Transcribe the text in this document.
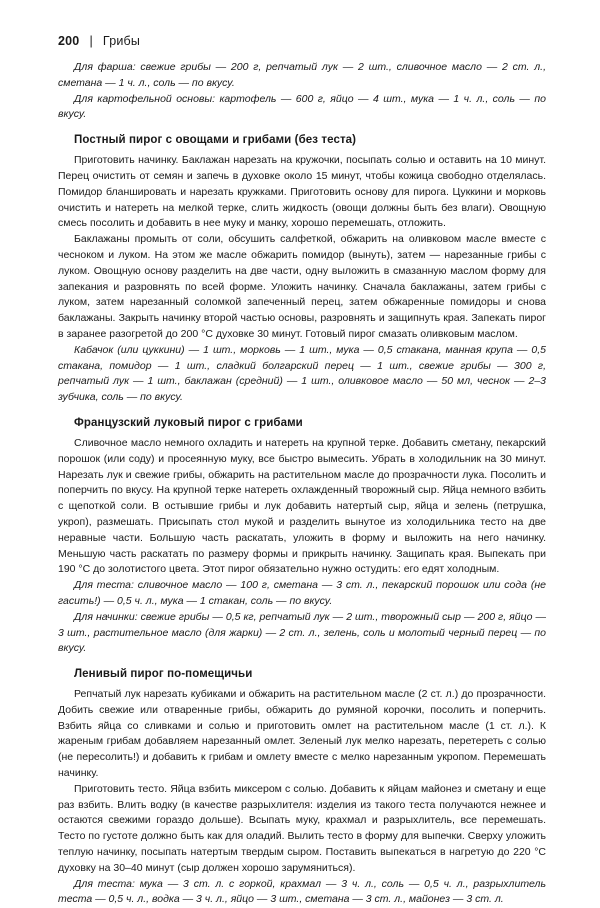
200 | Грибы

Для фарша: свежие грибы — 200 г, репчатый лук — 2 шт., сливочное масло — 2 ст. л., сметана — 1 ч. л., соль — по вкусу.

Для картофельной основы: картофель — 600 г, яйцо — 4 шт., мука — 1 ч. л., соль — по вкусу.

Постный пирог с овощами и грибами (без теста)

Приготовить начинку. Баклажан нарезать на кружочки, посыпать солью и оставить на 10 минут. Перец очистить от семян и запечь в духовке около 15 минут, чтобы кожица свободно отделялась. Помидор бланшировать и нарезать кружками. Приготовить основу для пирога. Цуккини и морковь очистить и натереть на мелкой терке, слить жидкость (овощи должны быть без влаги). Овощную смесь посолить и добавить в нее муку и манку, хорошо перемешать, отложить.

Баклажаны промыть от соли, обсушить салфеткой, обжарить на оливковом масле вместе с чесноком и луком. На этом же масле обжарить помидор (вынуть), затем — нарезанные грибы с луком. Овощную основу разделить на две части, одну выложить в смазанную маслом форму для запекания и разровнять по всей форме. Уложить начинку. Сначала баклажаны, затем грибы с луком, затем нарезанный соломкой запеченный перец, затем обжаренные помидоры и снова баклажаны. Закрыть начинку второй частью основы, разровнять и защипнуть края. Запекать пирог в заранее разогретой до 200 °С духовке 30 минут. Готовый пирог смазать оливковым маслом.

Кабачок (или цуккини) — 1 шт., морковь — 1 шт., мука — 0,5 стакана, манная крупа — 0,5 стакана, помидор — 1 шт., сладкий болгарский перец — 1 шт., свежие грибы — 300 г, репчатый лук — 1 шт., баклажан (средний) — 1 шт., оливковое масло — 50 мл, чеснок — 2–3 зубчика, соль — по вкусу.

Французский луковый пирог с грибами

Сливочное масло немного охладить и натереть на крупной терке. Добавить сметану, пекарский порошок (или соду) и просеянную муку, все быстро вымесить. Убрать в холодильник на 30 минут. Нарезать лук и свежие грибы, обжарить на растительном масле до прозрачности лука. Посолить и поперчить по вкусу. На крупной терке натереть охлажденный творожный сыр. Яйца немного взбить с щепоткой соли. В остывшие грибы и лук добавить натертый сыр, яйца и зелень (петрушка, укроп), размешать. Присыпать стол мукой и разделить вынутое из холодильника тесто на две неравные части. Большую часть раскатать, уложить в форму и выложить на него начинку. Меньшую часть раскатать по размеру формы и прикрыть начинку. Защипать края. Выпекать при 190 °С до золотистого цвета. Этот пирог обязательно нужно остудить: его едят холодным.

Для теста: сливочное масло — 100 г, сметана — 3 ст. л., пекарский порошок или сода (не гасить!) — 0,5 ч. л., мука — 1 стакан, соль — по вкусу.

Для начинки: свежие грибы — 0,5 кг, репчатый лук — 2 шт., творожный сыр — 200 г, яйцо — 3 шт., растительное масло (для жарки) — 2 ст. л., зелень, соль и молотый черный перец — по вкусу.

Ленивый пирог по-помещичьи

Репчатый лук нарезать кубиками и обжарить на растительном масле (2 ст. л.) до прозрачности. Добить свежие или отваренные грибы, обжарить до румяной корочки, посолить и поперчить. Взбить яйца со сливками и солью и приготовить омлет на растительном масле (1 ст. л.). К жареным грибам добавляем нарезанный омлет. Зеленый лук мелко нарезать, перетереть с солью (не пересолить!) и добавить к грибам и омлету вместе с мелко нарезанным укропом. Перемешать начинку.

Приготовить тесто. Яйца взбить миксером с солью. Добавить к яйцам майонез и сметану и еще раз взбить. Влить водку (в качестве разрыхлителя: изделия из такого теста получаются нежнее и остаются свежими гораздо дольше). Всыпать муку, крахмал и разрыхлитель, все перемешать. Тесто по густоте должно быть как для оладий. Вылить тесто в форму для выпечки. Сверху уложить теплую начинку, посыпать натертым твердым сыром. Поставить выпекаться в нагретую до 220 °С духовку на 30–40 минут (сыр должен хорошо зарумяниться).

Для теста: мука — 3 ст. л. с горкой, крахмал — 3 ч. л., соль — 0,5 ч. л., разрыхлитель теста — 0,5 ч. л., водка — 3 ч. л., яйцо — 3 шт., сметана — 3 ст. л., майонез — 3 ст. л.
